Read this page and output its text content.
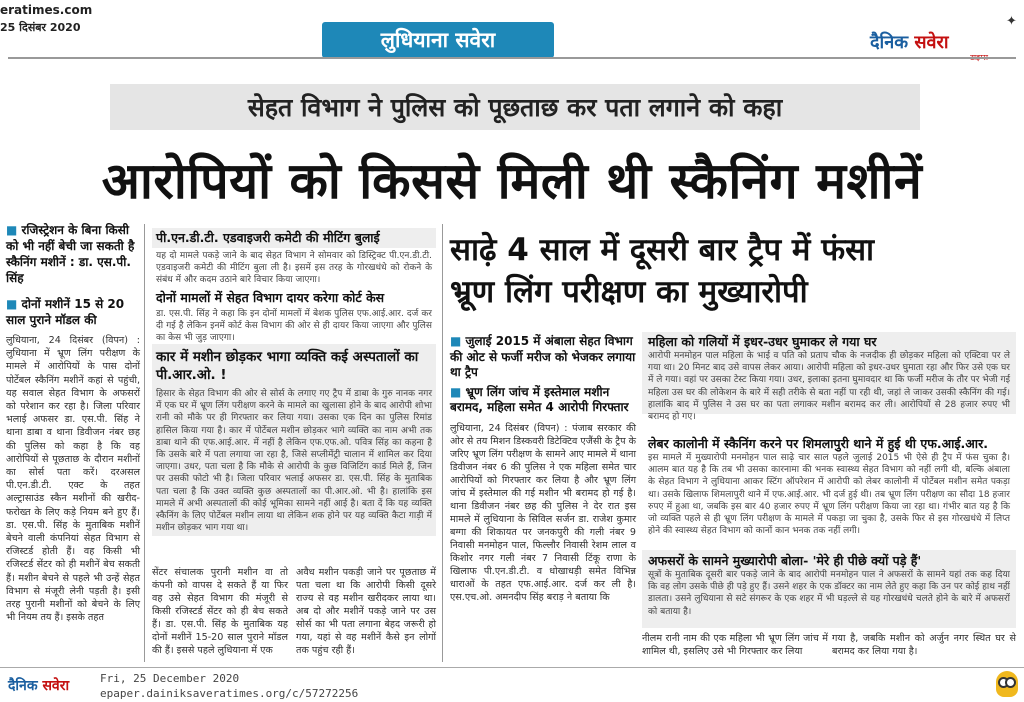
eratimes.com
25 दिसंबर 2020
लुधियाना सवेरा	दैनिक सवेरा
✦
सेहत विभाग ने पुलिस को पूछताछ कर पता लगाने को कहा
आरोपियों को किससे मिली थी स्कैनिंग मशीनें
■ रजिस्ट्रेशन के बिना किसी को भी नहीं बेची जा सकती है स्कैनिंग मशीनें : डा. एस.पी. सिंह
■ दोनों मशीनें 15 से 20 साल पुराने मॉडल की
लुधियाना, 24 दिसंबर (विपन) : लुधियाना में भ्रूण लिंग परीक्षण के मामले में आरोपियों के पास दोनों पोर्टेबल स्कैनिंग मशीनें कहां से पहुंची, यह सवाल सेहत विभाग के अफसरों को परेशान कर रहा है। जिला परिवार भलाई अफसर डा. एस.पी. सिंह ने थाना डाबा व थाना डिवीजन नंबर छह की पुलिस को कहा है कि वह आरोपियों से पूछताछ के दौरान मशीनों का सोर्स पता करें। दरअसल पी.एन.डी.टी. एक्ट के तहत अल्ट्रासाउंड स्कैन मशीनों की खरीद-फरोख्त के लिए कड़े नियम बने हुए हैं। डा. एस.पी. सिंह के मुताबिक मशीनें बेचने वाली कंपनियां सेहत विभाग से रजिस्टर्ड होती हैं। वह किसी भी रजिस्टर्ड सेंटर को ही मशीनें बेच सकती हैं। मशीन बेचने से पहले भी उन्हें सेहत विभाग से मंजूरी लेनी पड़ती है। इसी तरह पुरानी मशीनों को बेचने के लिए भी नियम तय हैं। इसके तहत
पी.एन.डी.टी. एडवाइजरी कमेटी की मीटिंग बुलाई
यह दो मामले पकड़े जाने के बाद सेहत विभाग ने सोमवार को डिस्ट्रिक्ट पी.एन.डी.टी. एडवाइजरी कमेटी की मीटिंग बुला ली है। इसमें इस तरह के गोरखधंधे को रोकने के संबंध में और कदम उठाने बारे विचार किया जाएगा।
दोनों मामलों में सेहत विभाग दायर करेगा कोर्ट केस
डा. एस.पी. सिंह ने कहा कि इन दोनों मामलों में बेशक पुलिस एफ.आई.आर. दर्ज कर दी गई है लेकिन इनमें कोर्ट केस विभाग की ओर से ही दायर किया जाएगा और पुलिस का केस भी जुड़ जाएगा।
कार में मशीन छोड़कर भागा व्यक्ति कई अस्पतालों का पी.आर.ओ. !
हिसार के सेहत विभाग की ओर से सोर्स के लगाए गए ट्रैप में डाबा के गुरु नानक नगर में एक घर में भ्रूण लिंग परीक्षण करने के मामले का खुलासा होने के बाद आरोपी शोभा रानी को मौके पर ही गिरफ्तार कर लिया गया। उसका एक दिन का पुलिस रिमांड हासिल किया गया है। कार में पोर्टेबल मशीन छोड़कर भागे व्यक्ति का नाम अभी तक डाबा थाने की एफ.आई.आर. में नहीं है लेकिन एफ.एफ.ओ. पवित्र सिंह का कहना है कि उसके बारे में पता लगाया जा रहा है, जिसे सप्लीमेंट्री चालान में शामिल कर दिया जाएगा। उधर, पता चला है कि मौके से आरोपी के कुछ विजिटिंग कार्ड मिले हैं, जिन पर उसकी फोटो भी है। जिला परिवार भलाई अफसर डा. एस.पी. सिंह के मुताबिक पता चला है कि उक्त व्यक्ति कुछ अस्पतालों का पी.आर.ओ. भी है। हालांकि इस मामले में अभी अस्पतालों की कोई भूमिका सामने नहीं आई है। बता दें कि यह व्यक्ति स्कैनिंग के लिए पोर्टेबल मशीन लाया था लेकिन शक होने पर यह व्यक्ति कैटा गाड़ी में मशीन छोड़कर भाग गया था।
सेंटर संचालक पुरानी मशीन वा तो कंपनी को वापस दे सकते हैं या फिर वह उसे सेहत विभाग की मंजूरी से किसी रजिस्टर्ड सेंटर को ही बेच सकते हैं। डा. एस.पी. सिंह के मुताबिक यह दोनों मशीनें 15-20 साल पुराने मॉडल की हैं। इससे पहले लुधियाना में एक
अवैध मशीन पकड़ी जाने पर पूछताछ में पता चला था कि आरोपी किसी दूसरे राज्य से वह मशीन खरीदकर लाया था। अब दो और मशीनें पकड़े जाने पर उस सोर्स का भी पता लगाना बेहद जरूरी हो गया, यहां से वह मशीनें कैसे इन लोगों तक पहुंच रही हैं।
साढ़े 4 साल में दूसरी बार ट्रैप में फंसा
भ्रूण लिंग परीक्षण का मुख्यारोपी
■ जुलाई 2015 में अंबाला सेहत विभाग की ओट से फर्जी मरीज को भेजकर लगाया था ट्रैप
■ भ्रूण लिंग जांच में इस्तेमाल मशीन बरामद, महिला समेत 4 आरोपी गिरफ्तार
लुधियाना, 24 दिसंबर (विपन) : पंजाब सरकार की ओर से तय मिशन डिस्कवरी डिटेक्टिव एजैंसी के ट्रैप के जरिए भ्रूण लिंग परीक्षण के सामने आए मामले में थाना डिवीजन नंबर 6 की पुलिस ने एक महिला समेत चार आरोपियों को गिरफ्तार कर लिया है और भ्रूण लिंग जांच में इस्तेमाल की गई मशीन भी बरामद हो गई है। थाना डिवीजन नंबर छह की पुलिस ने देर रात इस मामले में लुधियाना के सिविल सर्जन डा. राजेश कुमार बग्गा की शिकायत पर जनकपुरी की गली नंबर 9 निवासी मनमोहन पाल, फिल्लौर निवासी रेशम लाल व किशोर नगर गली नंबर 7 निवासी टिंकू राणा के खिलाफ पी.एन.डी.टी. व धोखाधड़ी समेत विभिन्न धाराओं के तहत एफ.आई.आर. दर्ज कर ली है। एस.एच.ओ. अमनदीप सिंह बराड़ ने बताया कि
महिला को गलियों में इधर-उधर घुमाकर ले गया घर
आरोपी मनमोहन पाल महिला के भाई व पति को प्रताप चौक के नजदीक ही छोड़कर महिला को एक्टिवा पर ले गया था। 20 मिनट बाद उसे वापस लेकर आया। आरोपी महिला को इधर-उधर घुमाता रहा और फिर उसे एक घर में ले गया। वहां पर उसका टेस्ट किया गया। उधर, इलाका इतना घुमावदार था कि फर्जी मरीज के तौर पर भेजी गई महिला उस घर की लोकेशन के बारे में सही तरीके से बता नहीं पा रही थी, जहां ले जाकर उसकी स्कैनिंग की गई। हालांकि बाद में पुलिस ने उस घर का पता लगाकर मशीन बरामद कर ली। आरोपियों से 28 हजार रुपए भी बरामद हो गए।
लेबर कालोनी में स्कैनिंग करने पर शिमलापुरी थाने में हुई थी एफ.आई.आर.
इस मामले में मुख्यारोपी मनमोहन पाल साढ़े चार साल पहले जुलाई 2015 भी ऐसे ही ट्रैप में फंस चुका है। आलम बात यह है कि तब भी उसका कारनामा की भनक स्वास्थ्य सेहत विभाग को नहीं लगी थी, बल्कि अंबाला के सेहत विभाग ने लुधियाना आकर स्टिंग ऑपरेशन में आरोपी को लेबर कालोनी में पोर्टेबल मशीन समेत पकड़ा था। उसके खिलाफ शिमलापुरी थाने में एफ.आई.आर. भी दर्ज हुई थी। तब भ्रूण लिंग परीक्षण का सौदा 18 हजार रुपए में हुआ था, जबकि इस बार 40 हजार रुपए में भ्रूण लिंग परीक्षण किया जा रहा था। गंभीर बात यह है कि जो व्यक्ति पहले से ही भ्रूण लिंग परीक्षण के मामले में पकड़ा जा चुका है, उसके फिर से इस गोरखधंधे में लिप्त होने की स्वास्थ्य सेहत विभाग को कानों कान भनक तक नहीं लगी।
अफसरों के सामने मुख्यारोपी बोला- 'मेरे ही पीछे क्यों पड़े हैं'
सूत्रों के मुताबिक दूसरी बार पकड़े जाने के बाद आरोपी मनमोहन पाल ने अफसरों के सामने यहां तक कह दिया कि वह लोग उसके पीछे ही पड़े हुए हैं। उसने शहर के एक डॉक्टर का नाम लेते हुए कहा कि उन पर कोई हाथ नहीं डालता। उसने लुधियाना से सटे संगरूर के एक शहर में भी घड़ल्ले से यह गोरखधंधे चलते होने के बारे में अफसरों को बताया है।
नीलम रानी नाम की एक महिला भी भ्रूण लिंग जांच में शामिल थी, इसलिए उसे भी गिरफ्तार कर लिया
गया है, जबकि मशीन को अर्जुन नगर स्थित घर से बरामद कर लिया गया है।
दैनिक सवेरा	Fri, 25 December 2020
epaper.dainiksaveratimes.org/c/57272256
